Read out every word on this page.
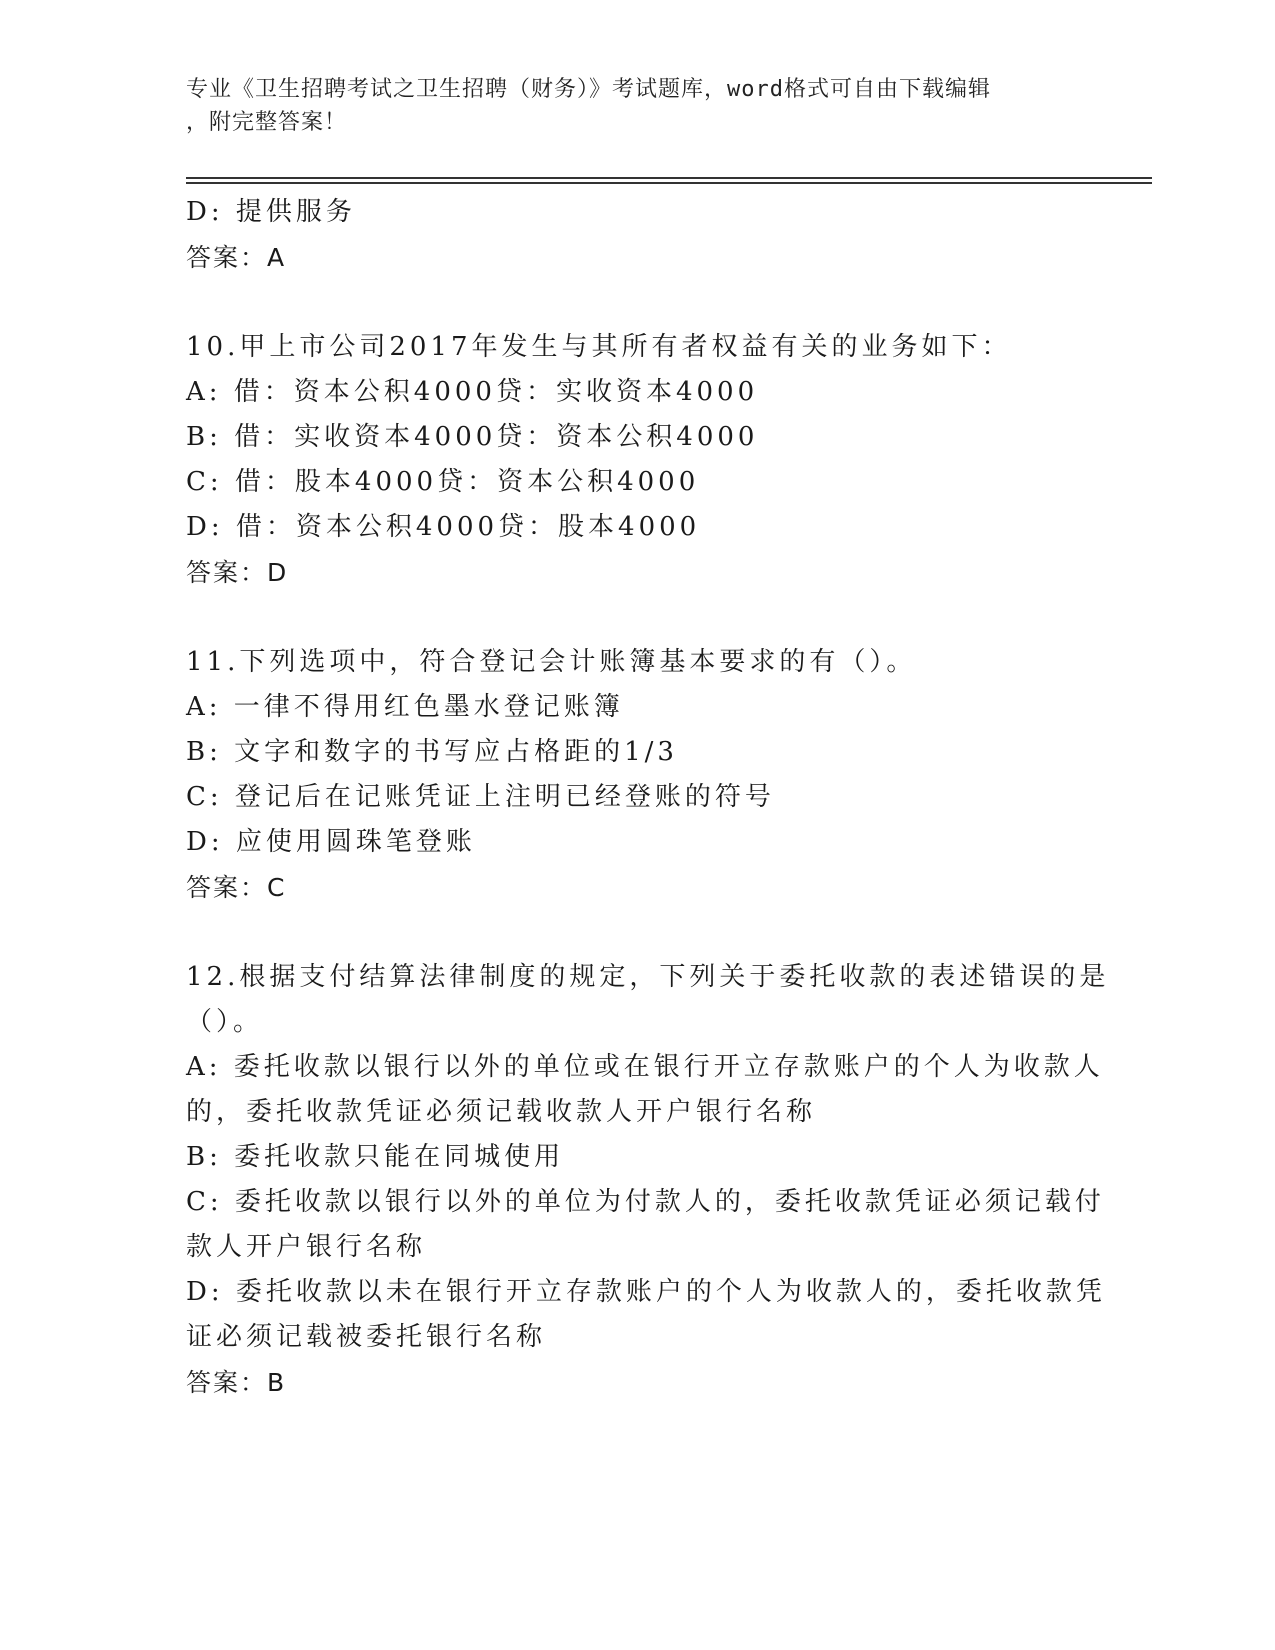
专业《卫生招聘考试之卫生招聘（财务）》考试题库，word格式可自由下载编辑
，附完整答案！
D: 提供服务
答案：A
10.甲上市公司2017年发生与其所有者权益有关的业务如下：
A: 借：资本公积4000贷：实收资本4000
B: 借：实收资本4000贷：资本公积4000
C: 借：股本4000贷：资本公积4000
D: 借：资本公积4000贷：股本4000
答案：D
11.下列选项中，符合登记会计账簿基本要求的有（）。
A: 一律不得用红色墨水登记账簿
B: 文字和数字的书写应占格距的1/3
C: 登记后在记账凭证上注明已经登账的符号
D: 应使用圆珠笔登账
答案：C
12.根据支付结算法律制度的规定，下列关于委托收款的表述错误的是
（）。
A: 委托收款以银行以外的单位或在银行开立存款账户的个人为收款人
的，委托收款凭证必须记载收款人开户银行名称
B: 委托收款只能在同城使用
C: 委托收款以银行以外的单位为付款人的，委托收款凭证必须记载付
款人开户银行名称
D: 委托收款以未在银行开立存款账户的个人为收款人的，委托收款凭
证必须记载被委托银行名称
答案：B
